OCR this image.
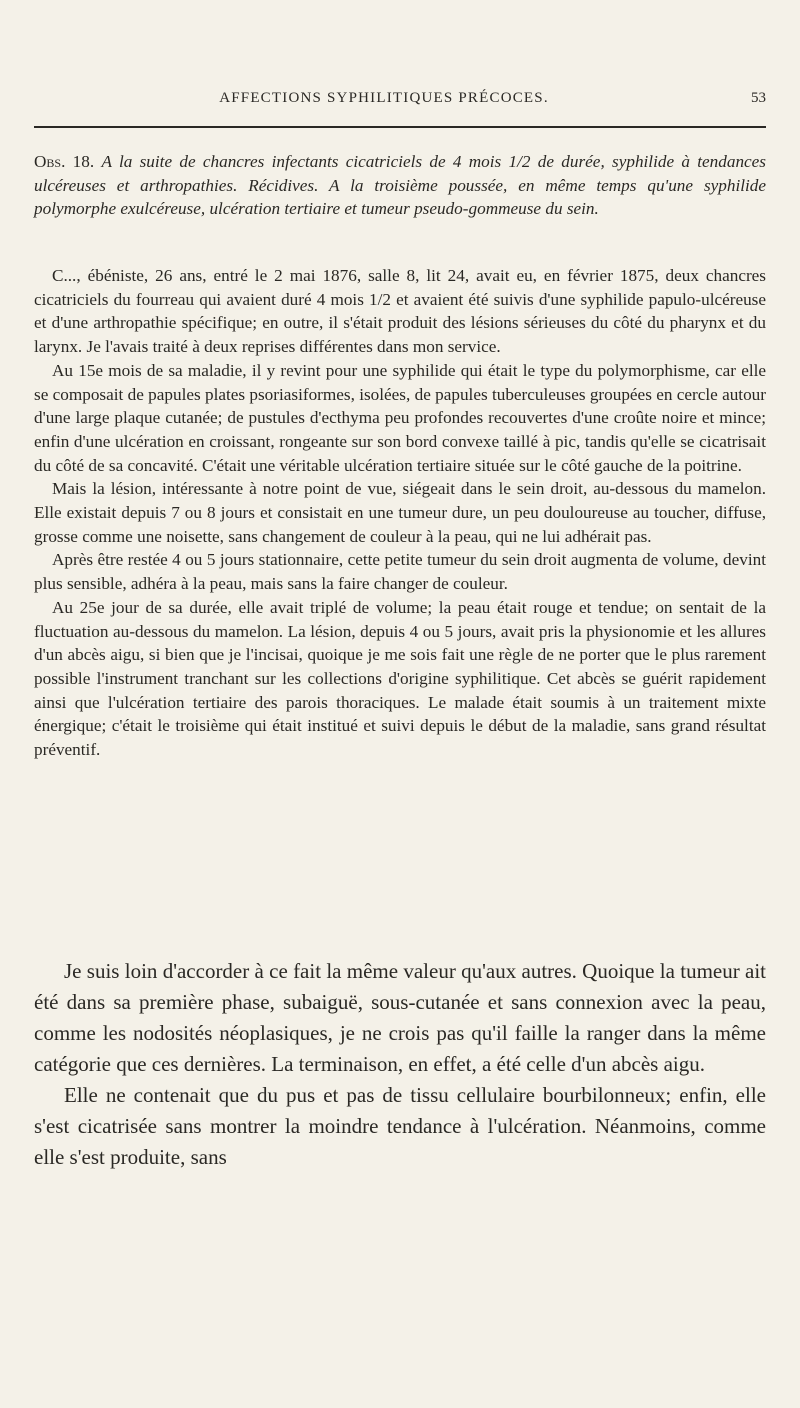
AFFECTIONS SYPHILITIQUES PRÉCOCES.	53

Obs. 18. A la suite de chancres infectants cicatriciels de 4 mois 1/2 de durée, syphilide à tendances ulcéreuses et arthropathies. Récidives. A la troisième poussée, en même temps qu'une syphilide polymorphe exulcéreuse, ulcération tertiaire et tumeur pseudo-gommeuse du sein.

C..., ébéniste, 26 ans, entré le 2 mai 1876, salle 8, lit 24, avait eu, en février 1875, deux chancres cicatriciels du fourreau qui avaient duré 4 mois 1/2 et avaient été suivis d'une syphilide papulo-ulcéreuse et d'une arthropathie spécifique; en outre, il s'était produit des lésions sérieuses du côté du pharynx et du larynx. Je l'avais traité à deux reprises différentes dans mon service.

Au 15e mois de sa maladie, il y revint pour une syphilide qui était le type du polymorphisme, car elle se composait de papules plates psoriasiformes, isolées, de papules tuberculeuses groupées en cercle autour d'une large plaque cutanée; de pustules d'ecthyma peu profondes recouvertes d'une croûte noire et mince; enfin d'une ulcération en croissant, rongeante sur son bord convexe taillé à pic, tandis qu'elle se cicatrisait du côté de sa concavité. C'était une véritable ulcération tertiaire située sur le côté gauche de la poitrine.

Mais la lésion, intéressante à notre point de vue, siégeait dans le sein droit, au-dessous du mamelon. Elle existait depuis 7 ou 8 jours et consistait en une tumeur dure, un peu douloureuse au toucher, diffuse, grosse comme une noisette, sans changement de couleur à la peau, qui ne lui adhérait pas.

Après être restée 4 ou 5 jours stationnaire, cette petite tumeur du sein droit augmenta de volume, devint plus sensible, adhéra à la peau, mais sans la faire changer de couleur.

Au 25e jour de sa durée, elle avait triplé de volume; la peau était rouge et tendue; on sentait de la fluctuation au-dessous du mamelon. La lésion, depuis 4 ou 5 jours, avait pris la physionomie et les allures d'un abcès aigu, si bien que je l'incisai, quoique je me sois fait une règle de ne porter que le plus rarement possible l'instrument tranchant sur les collections d'origine syphilitique. Cet abcès se guérit rapidement ainsi que l'ulcération tertiaire des parois thoraciques. Le malade était soumis à un traitement mixte énergique; c'était le troisième qui était institué et suivi depuis le début de la maladie, sans grand résultat préventif.

Je suis loin d'accorder à ce fait la même valeur qu'aux autres. Quoique la tumeur ait été dans sa première phase, subaiguë, sous-cutanée et sans connexion avec la peau, comme les nodosités néoplasiques, je ne crois pas qu'il faille la ranger dans la même catégorie que ces dernières. La terminaison, en effet, a été celle d'un abcès aigu.

Elle ne contenait que du pus et pas de tissu cellulaire bourbilonneux; enfin, elle s'est cicatrisée sans montrer la moindre tendance à l'ulcération. Néanmoins, comme elle s'est produite, sans
